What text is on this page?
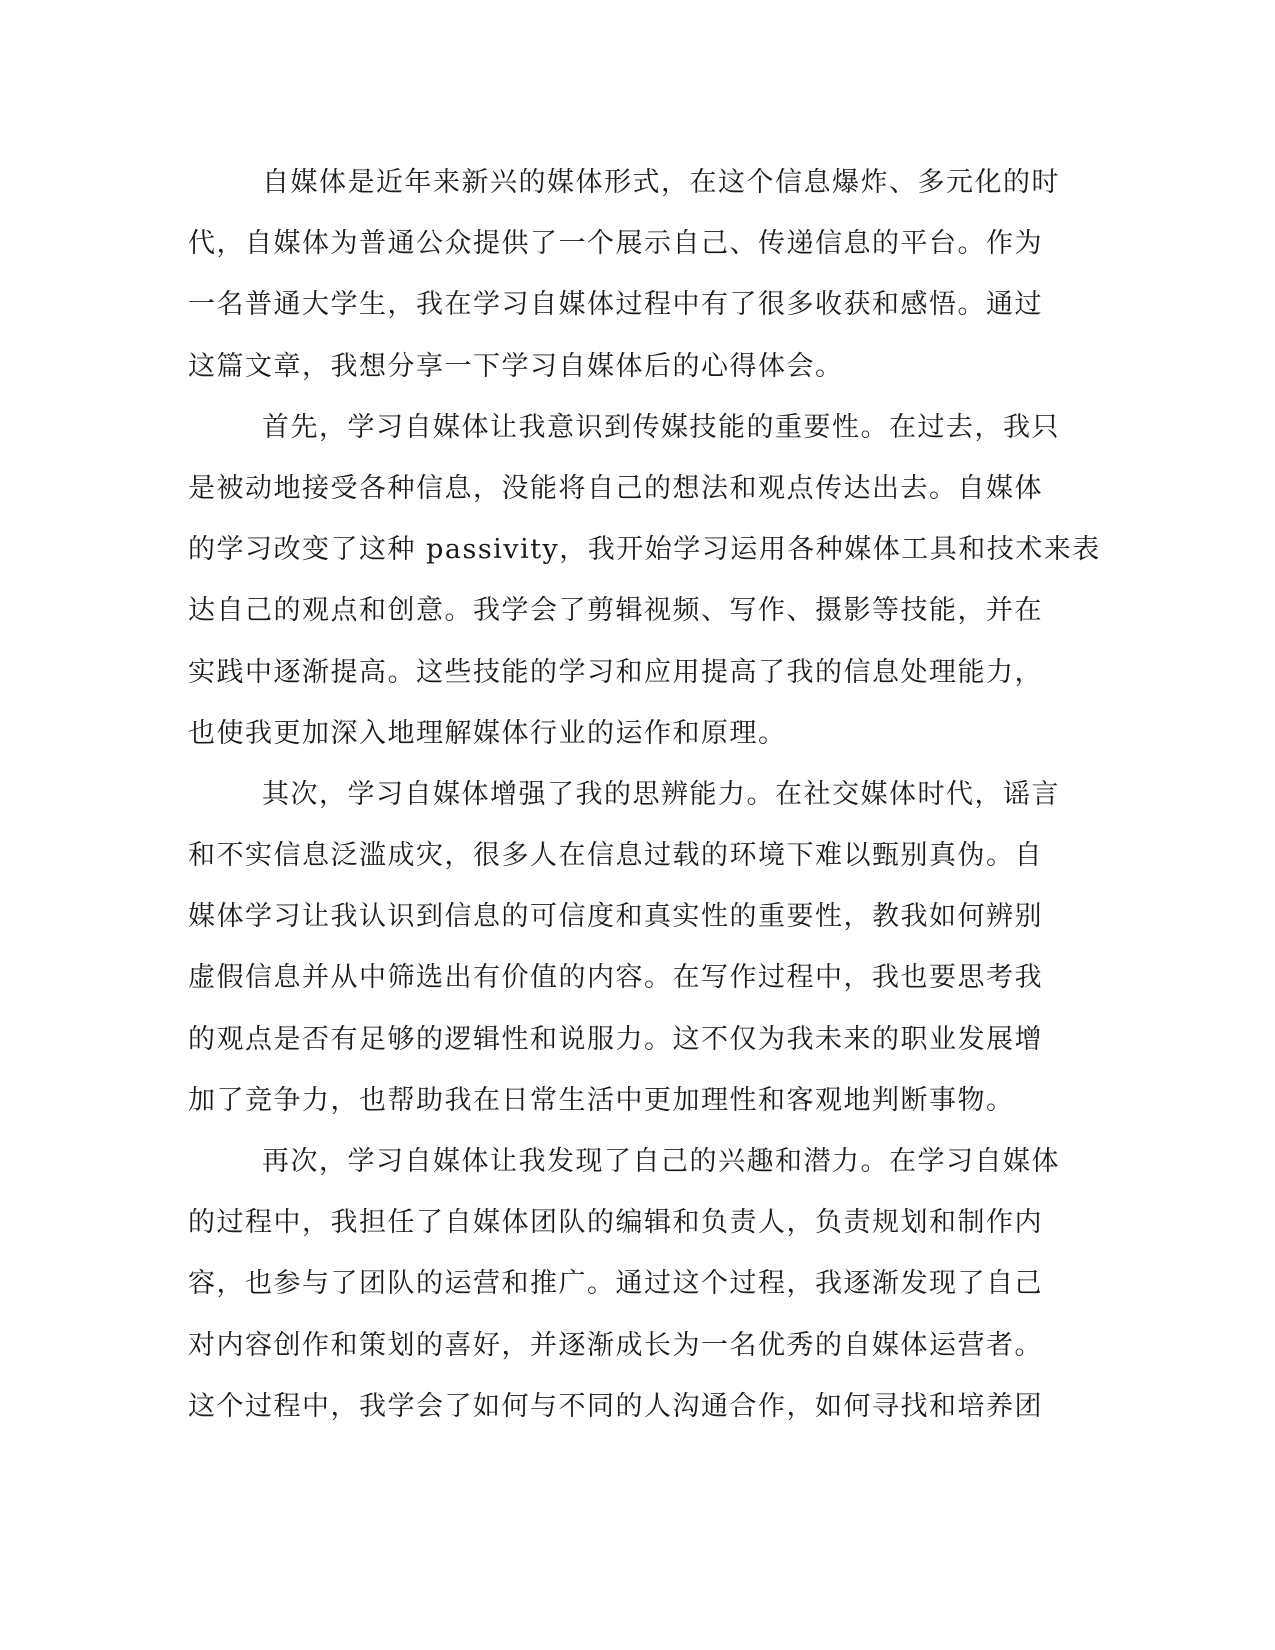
自媒体是近年来新兴的媒体形式，在这个信息爆炸、多元化的时
代，自媒体为普通公众提供了一个展示自己、传递信息的平台。作为
一名普通大学生，我在学习自媒体过程中有了很多收获和感悟。通过
这篇文章，我想分享一下学习自媒体后的心得体会。
首先，学习自媒体让我意识到传媒技能的重要性。在过去，我只
是被动地接受各种信息，没能将自己的想法和观点传达出去。自媒体
的学习改变了这种 passivity，我开始学习运用各种媒体工具和技术来表
达自己的观点和创意。我学会了剪辑视频、写作、摄影等技能，并在
实践中逐渐提高。这些技能的学习和应用提高了我的信息处理能力，
也使我更加深入地理解媒体行业的运作和原理。
其次，学习自媒体增强了我的思辨能力。在社交媒体时代，谣言
和不实信息泛滥成灾，很多人在信息过载的环境下难以甄别真伪。自
媒体学习让我认识到信息的可信度和真实性的重要性，教我如何辨别
虚假信息并从中筛选出有价值的内容。在写作过程中，我也要思考我
的观点是否有足够的逻辑性和说服力。这不仅为我未来的职业发展增
加了竞争力，也帮助我在日常生活中更加理性和客观地判断事物。
再次，学习自媒体让我发现了自己的兴趣和潜力。在学习自媒体
的过程中，我担任了自媒体团队的编辑和负责人，负责规划和制作内
容，也参与了团队的运营和推广。通过这个过程，我逐渐发现了自己
对内容创作和策划的喜好，并逐渐成长为一名优秀的自媒体运营者。
这个过程中，我学会了如何与不同的人沟通合作，如何寻找和培养团
